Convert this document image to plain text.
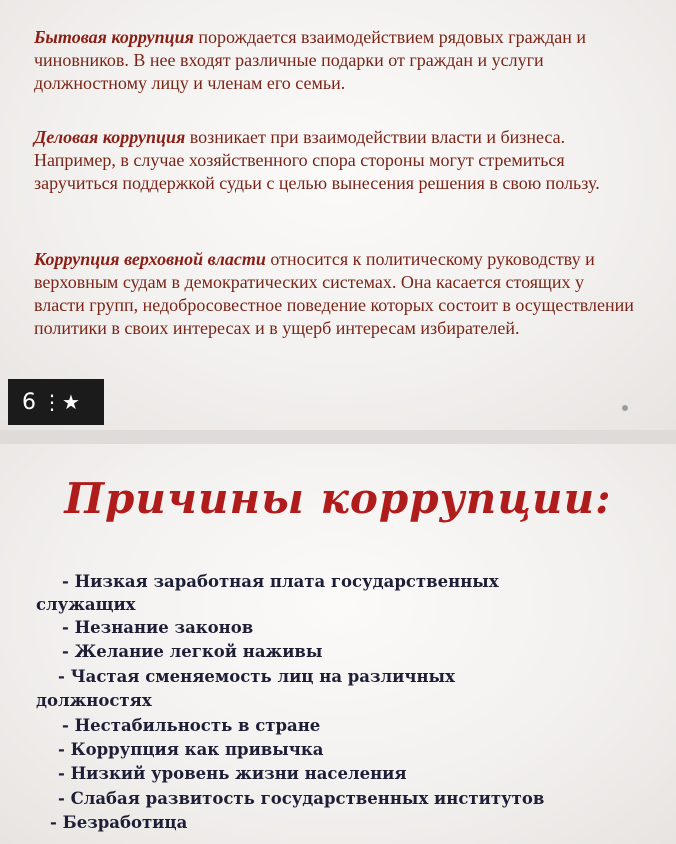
Бытовая коррупция порождается взаимодействием рядовых граждан и чиновников. В нее входят различные подарки от граждан и услуги должностному лицу и членам его семьи.
Деловая коррупция возникает при взаимодействии власти и бизнеса. Например, в случае хозяйственного спора стороны могут стремиться заручиться поддержкой судьи с целью вынесения решения в свою пользу.
Коррупция верховной власти относится к политическому руководству и верховным судам в демократических системах. Она касается стоящих у власти групп, недобросовестное поведение которых состоит в осуществлении политики в своих интересах и в ущерб интересам избирателей.
6 ⋮★
Причины коррупции:
- Низкая заработная плата государственных
служащих
- Незнание законов
- Желание легкой наживы
- Частая сменяемость лиц на различных
должностях
- Нестабильность в стране
- Коррупция как привычка
- Низкий уровень жизни населения
- Слабая развитость государственных институтов
- Безработица
